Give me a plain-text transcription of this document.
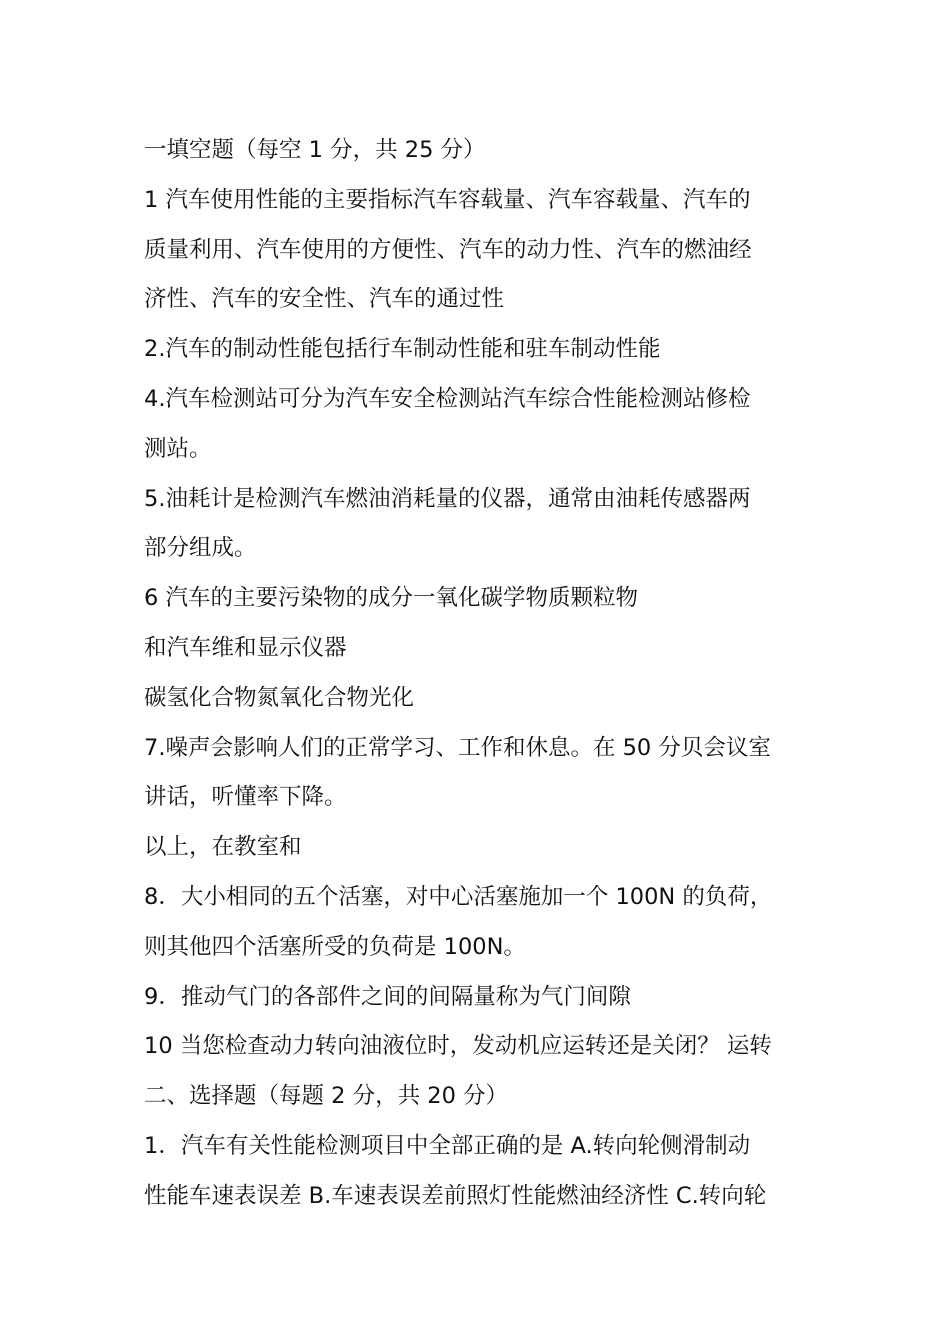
一填空题（每空 1 分，共 25 分）
1 汽车使用性能的主要指标汽车容载量、汽车容载量、汽车的
质量利用、汽车使用的方便性、汽车的动力性、汽车的燃油经
济性、汽车的安全性、汽车的通过性
2.汽车的制动性能包括行车制动性能和驻车制动性能
4.汽车检测站可分为汽车安全检测站汽车综合性能检测站修检
测站。
5.油耗计是检测汽车燃油消耗量的仪器，通常由油耗传感器两
部分组成。
6 汽车的主要污染物的成分一氧化碳学物质颗粒物
和汽车维和显示仪器
碳氢化合物氮氧化合物光化
7.噪声会影响人们的正常学习、工作和休息。在 50 分贝会议室
讲话，听懂率下降。
以上，在教室和
8．大小相同的五个活塞，对中心活塞施加一个 100N 的负荷，
则其他四个活塞所受的负荷是 100N。
9．推动气门的各部件之间的间隔量称为气门间隙
10 当您检查动力转向油液位时，发动机应运转还是关闭？ 运转
二、选择题（每题 2 分，共 20 分）
1．汽车有关性能检测项目中全部正确的是 A.转向轮侧滑制动
性能车速表误差 B.车速表误差前照灯性能燃油经济性 C.转向轮
